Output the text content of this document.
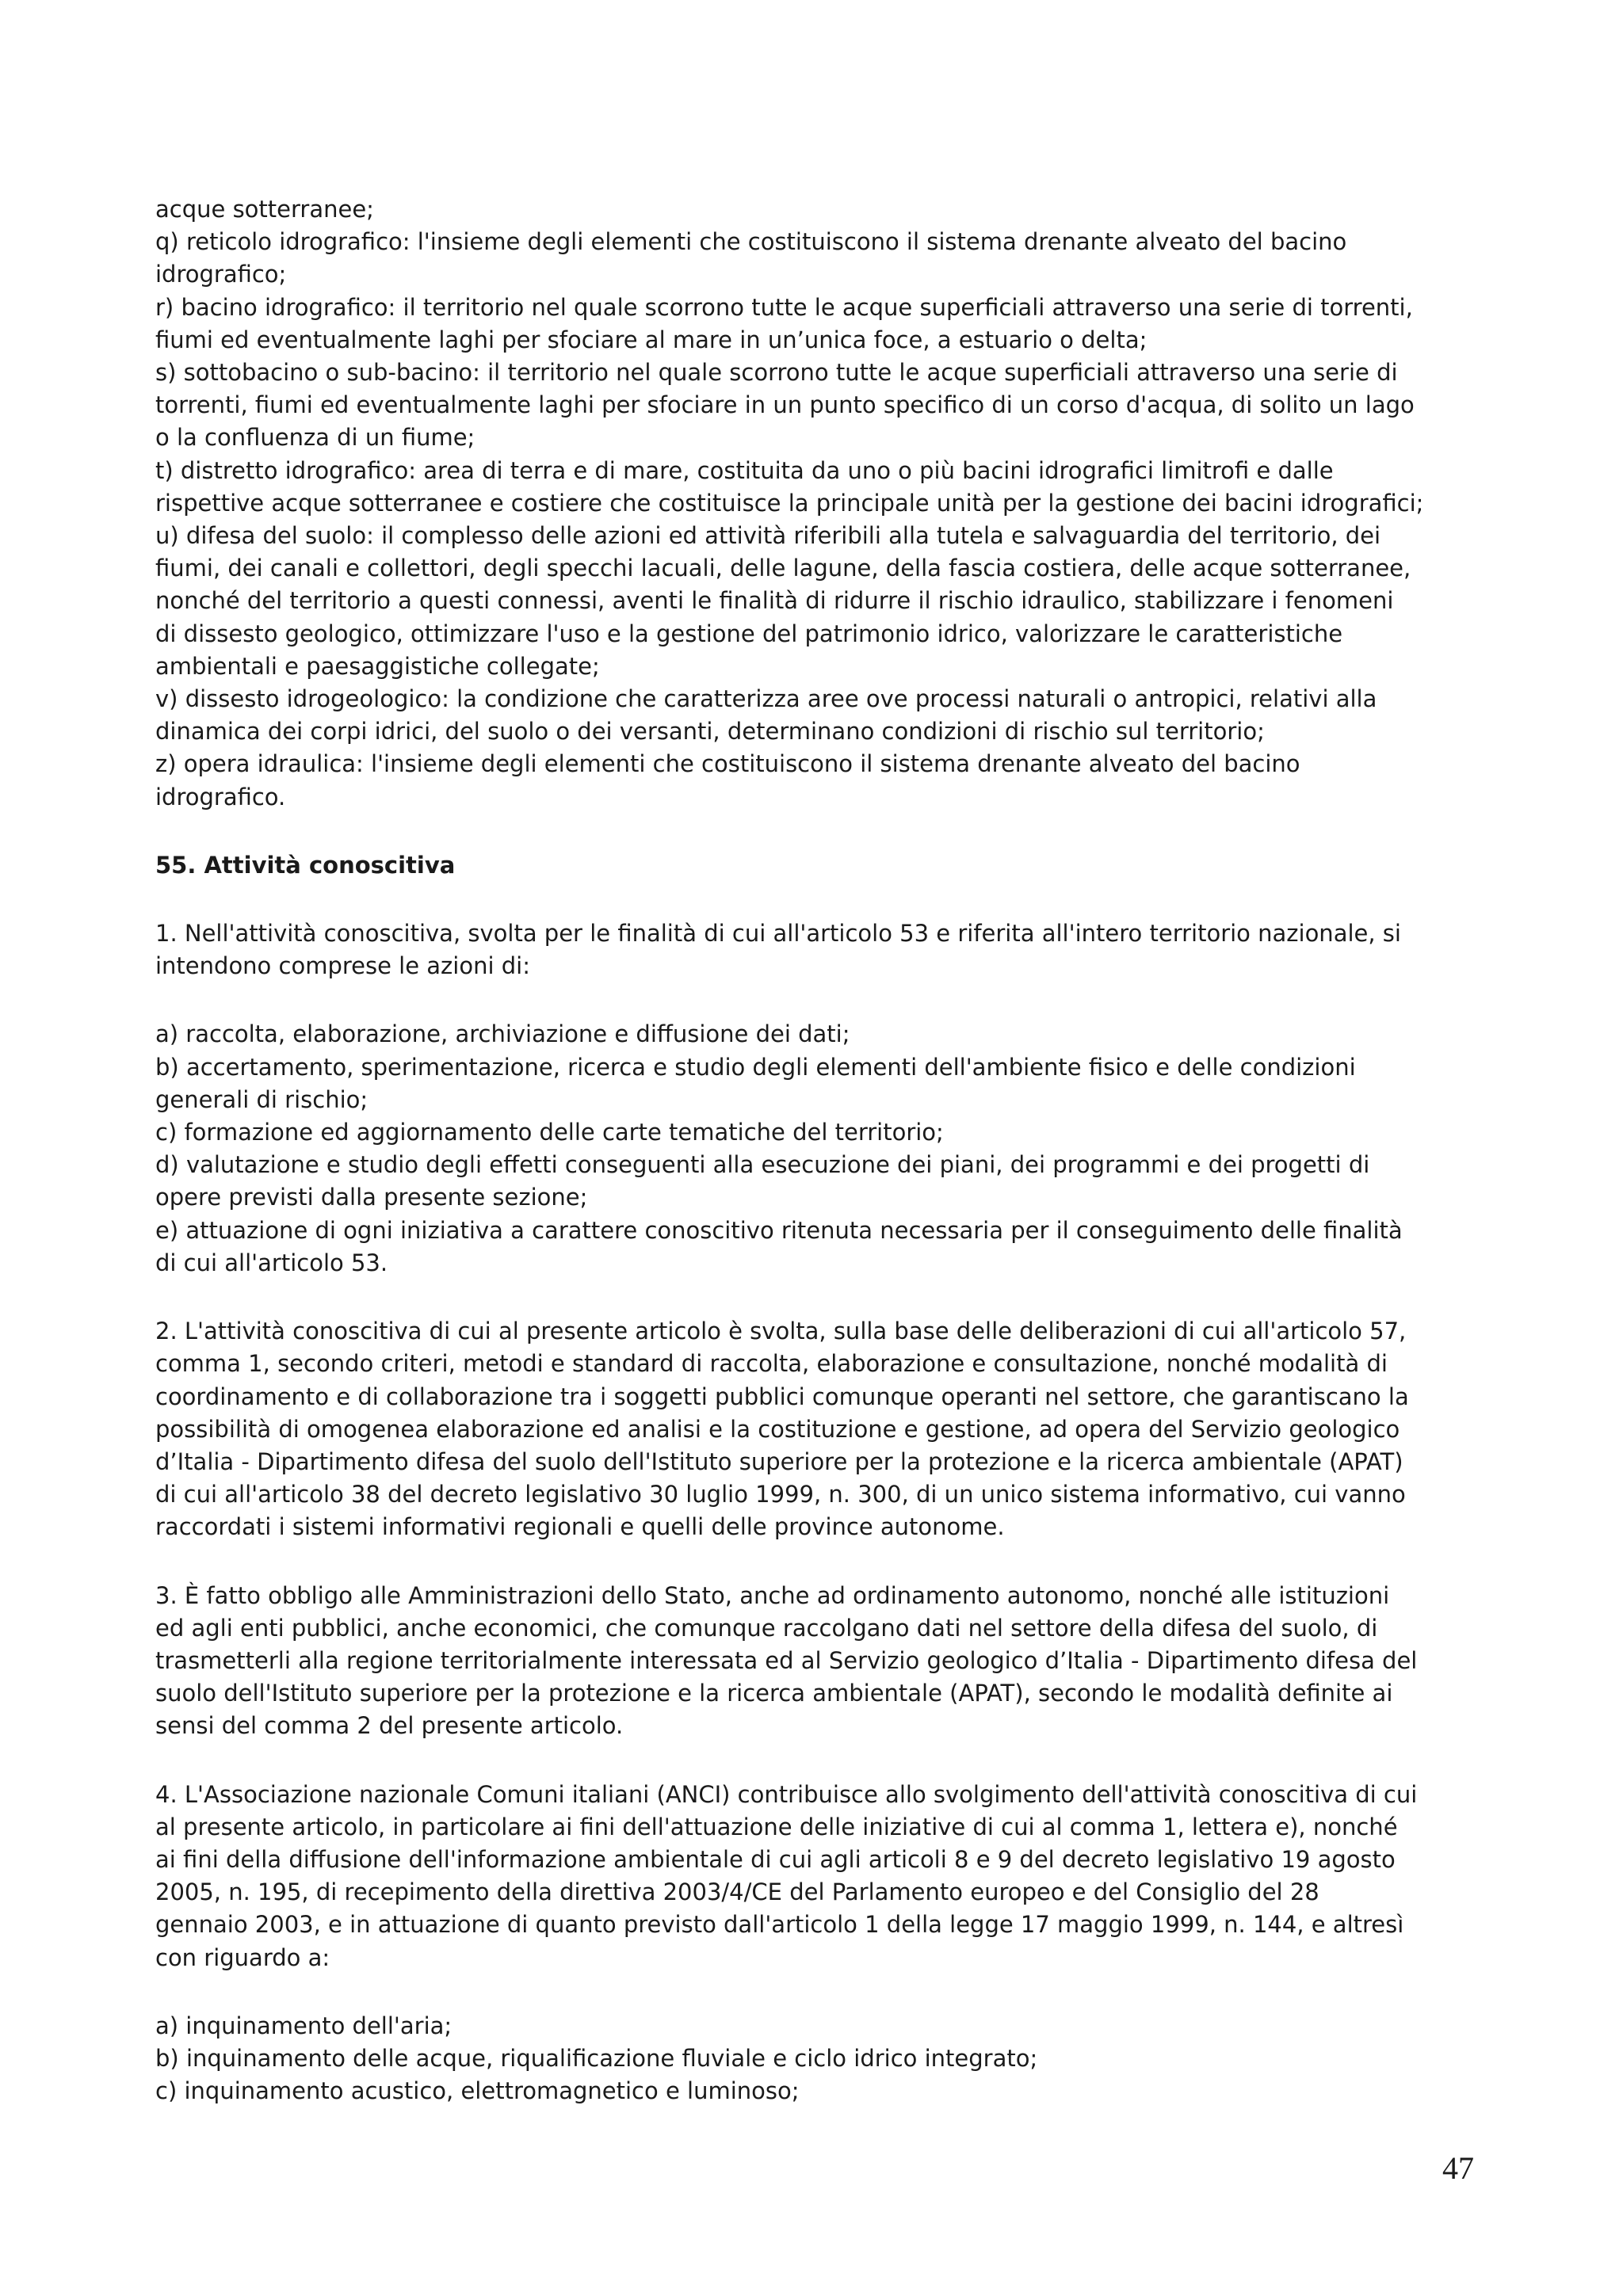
acque sotterranee;
q) reticolo idrografico: l'insieme degli elementi che costituiscono il sistema drenante alveato del bacino
idrografico;
r) bacino idrografico: il territorio nel quale scorrono tutte le acque superficiali attraverso una serie di torrenti,
fiumi ed eventualmente laghi per sfociare al mare in un’unica foce, a estuario o delta;
s) sottobacino o sub-bacino: il territorio nel quale scorrono tutte le acque superficiali attraverso una serie di
torrenti, fiumi ed eventualmente laghi per sfociare in un punto specifico di un corso d'acqua, di solito un lago
o la confluenza di un fiume;
t) distretto idrografico: area di terra e di mare, costituita da uno o più bacini idrografici limitrofi e dalle
rispettive acque sotterranee e costiere che costituisce la principale unità per la gestione dei bacini idrografici;
u) difesa del suolo: il complesso delle azioni ed attività riferibili alla tutela e salvaguardia del territorio, dei
fiumi, dei canali e collettori, degli specchi lacuali, delle lagune, della fascia costiera, delle acque sotterranee,
nonché del territorio a questi connessi, aventi le finalità di ridurre il rischio idraulico, stabilizzare i fenomeni
di dissesto geologico, ottimizzare l'uso e la gestione del patrimonio idrico, valorizzare le caratteristiche
ambientali e paesaggistiche collegate;
v) dissesto idrogeologico: la condizione che caratterizza aree ove processi naturali o antropici, relativi alla
dinamica dei corpi idrici, del suolo o dei versanti, determinano condizioni di rischio sul territorio;
z) opera idraulica: l'insieme degli elementi che costituiscono il sistema drenante alveato del bacino
idrografico.
55. Attività conoscitiva
1. Nell'attività conoscitiva, svolta per le finalità di cui all'articolo 53 e riferita all'intero territorio nazionale, si
intendono comprese le azioni di:
a) raccolta, elaborazione, archiviazione e diffusione dei dati;
b) accertamento, sperimentazione, ricerca e studio degli elementi dell'ambiente fisico e delle condizioni
generali di rischio;
c) formazione ed aggiornamento delle carte tematiche del territorio;
d) valutazione e studio degli effetti conseguenti alla esecuzione dei piani, dei programmi e dei progetti di
opere previsti dalla presente sezione;
e) attuazione di ogni iniziativa a carattere conoscitivo ritenuta necessaria per il conseguimento delle finalità
di cui all'articolo 53.
2. L'attività conoscitiva di cui al presente articolo è svolta, sulla base delle deliberazioni di cui all'articolo 57,
comma 1, secondo criteri, metodi e standard di raccolta, elaborazione e consultazione, nonché modalità di
coordinamento e di collaborazione tra i soggetti pubblici comunque operanti nel settore, che garantiscano la
possibilità di omogenea elaborazione ed analisi e la costituzione e gestione, ad opera del Servizio geologico
d’Italia - Dipartimento difesa del suolo dell'Istituto superiore per la protezione e la ricerca ambientale (APAT)
di cui all'articolo 38 del decreto legislativo 30 luglio 1999, n. 300, di un unico sistema informativo, cui vanno
raccordati i sistemi informativi regionali e quelli delle province autonome.
3. È fatto obbligo alle Amministrazioni dello Stato, anche ad ordinamento autonomo, nonché alle istituzioni
ed agli enti pubblici, anche economici, che comunque raccolgano dati nel settore della difesa del suolo, di
trasmetterli alla regione territorialmente interessata ed al Servizio geologico d’Italia - Dipartimento difesa del
suolo dell'Istituto superiore per la protezione e la ricerca ambientale (APAT), secondo le modalità definite ai
sensi del comma 2 del presente articolo.
4. L'Associazione nazionale Comuni italiani (ANCI) contribuisce allo svolgimento dell'attività conoscitiva di cui
al presente articolo, in particolare ai fini dell'attuazione delle iniziative di cui al comma 1, lettera e), nonché
ai fini della diffusione dell'informazione ambientale di cui agli articoli 8 e 9 del decreto legislativo 19 agosto
2005, n. 195, di recepimento della direttiva 2003/4/CE del Parlamento europeo e del Consiglio del 28
gennaio 2003, e in attuazione di quanto previsto dall'articolo 1 della legge 17 maggio 1999, n. 144, e altresì
con riguardo a:
a) inquinamento dell'aria;
b) inquinamento delle acque, riqualificazione fluviale e ciclo idrico integrato;
c) inquinamento acustico, elettromagnetico e luminoso;
47
